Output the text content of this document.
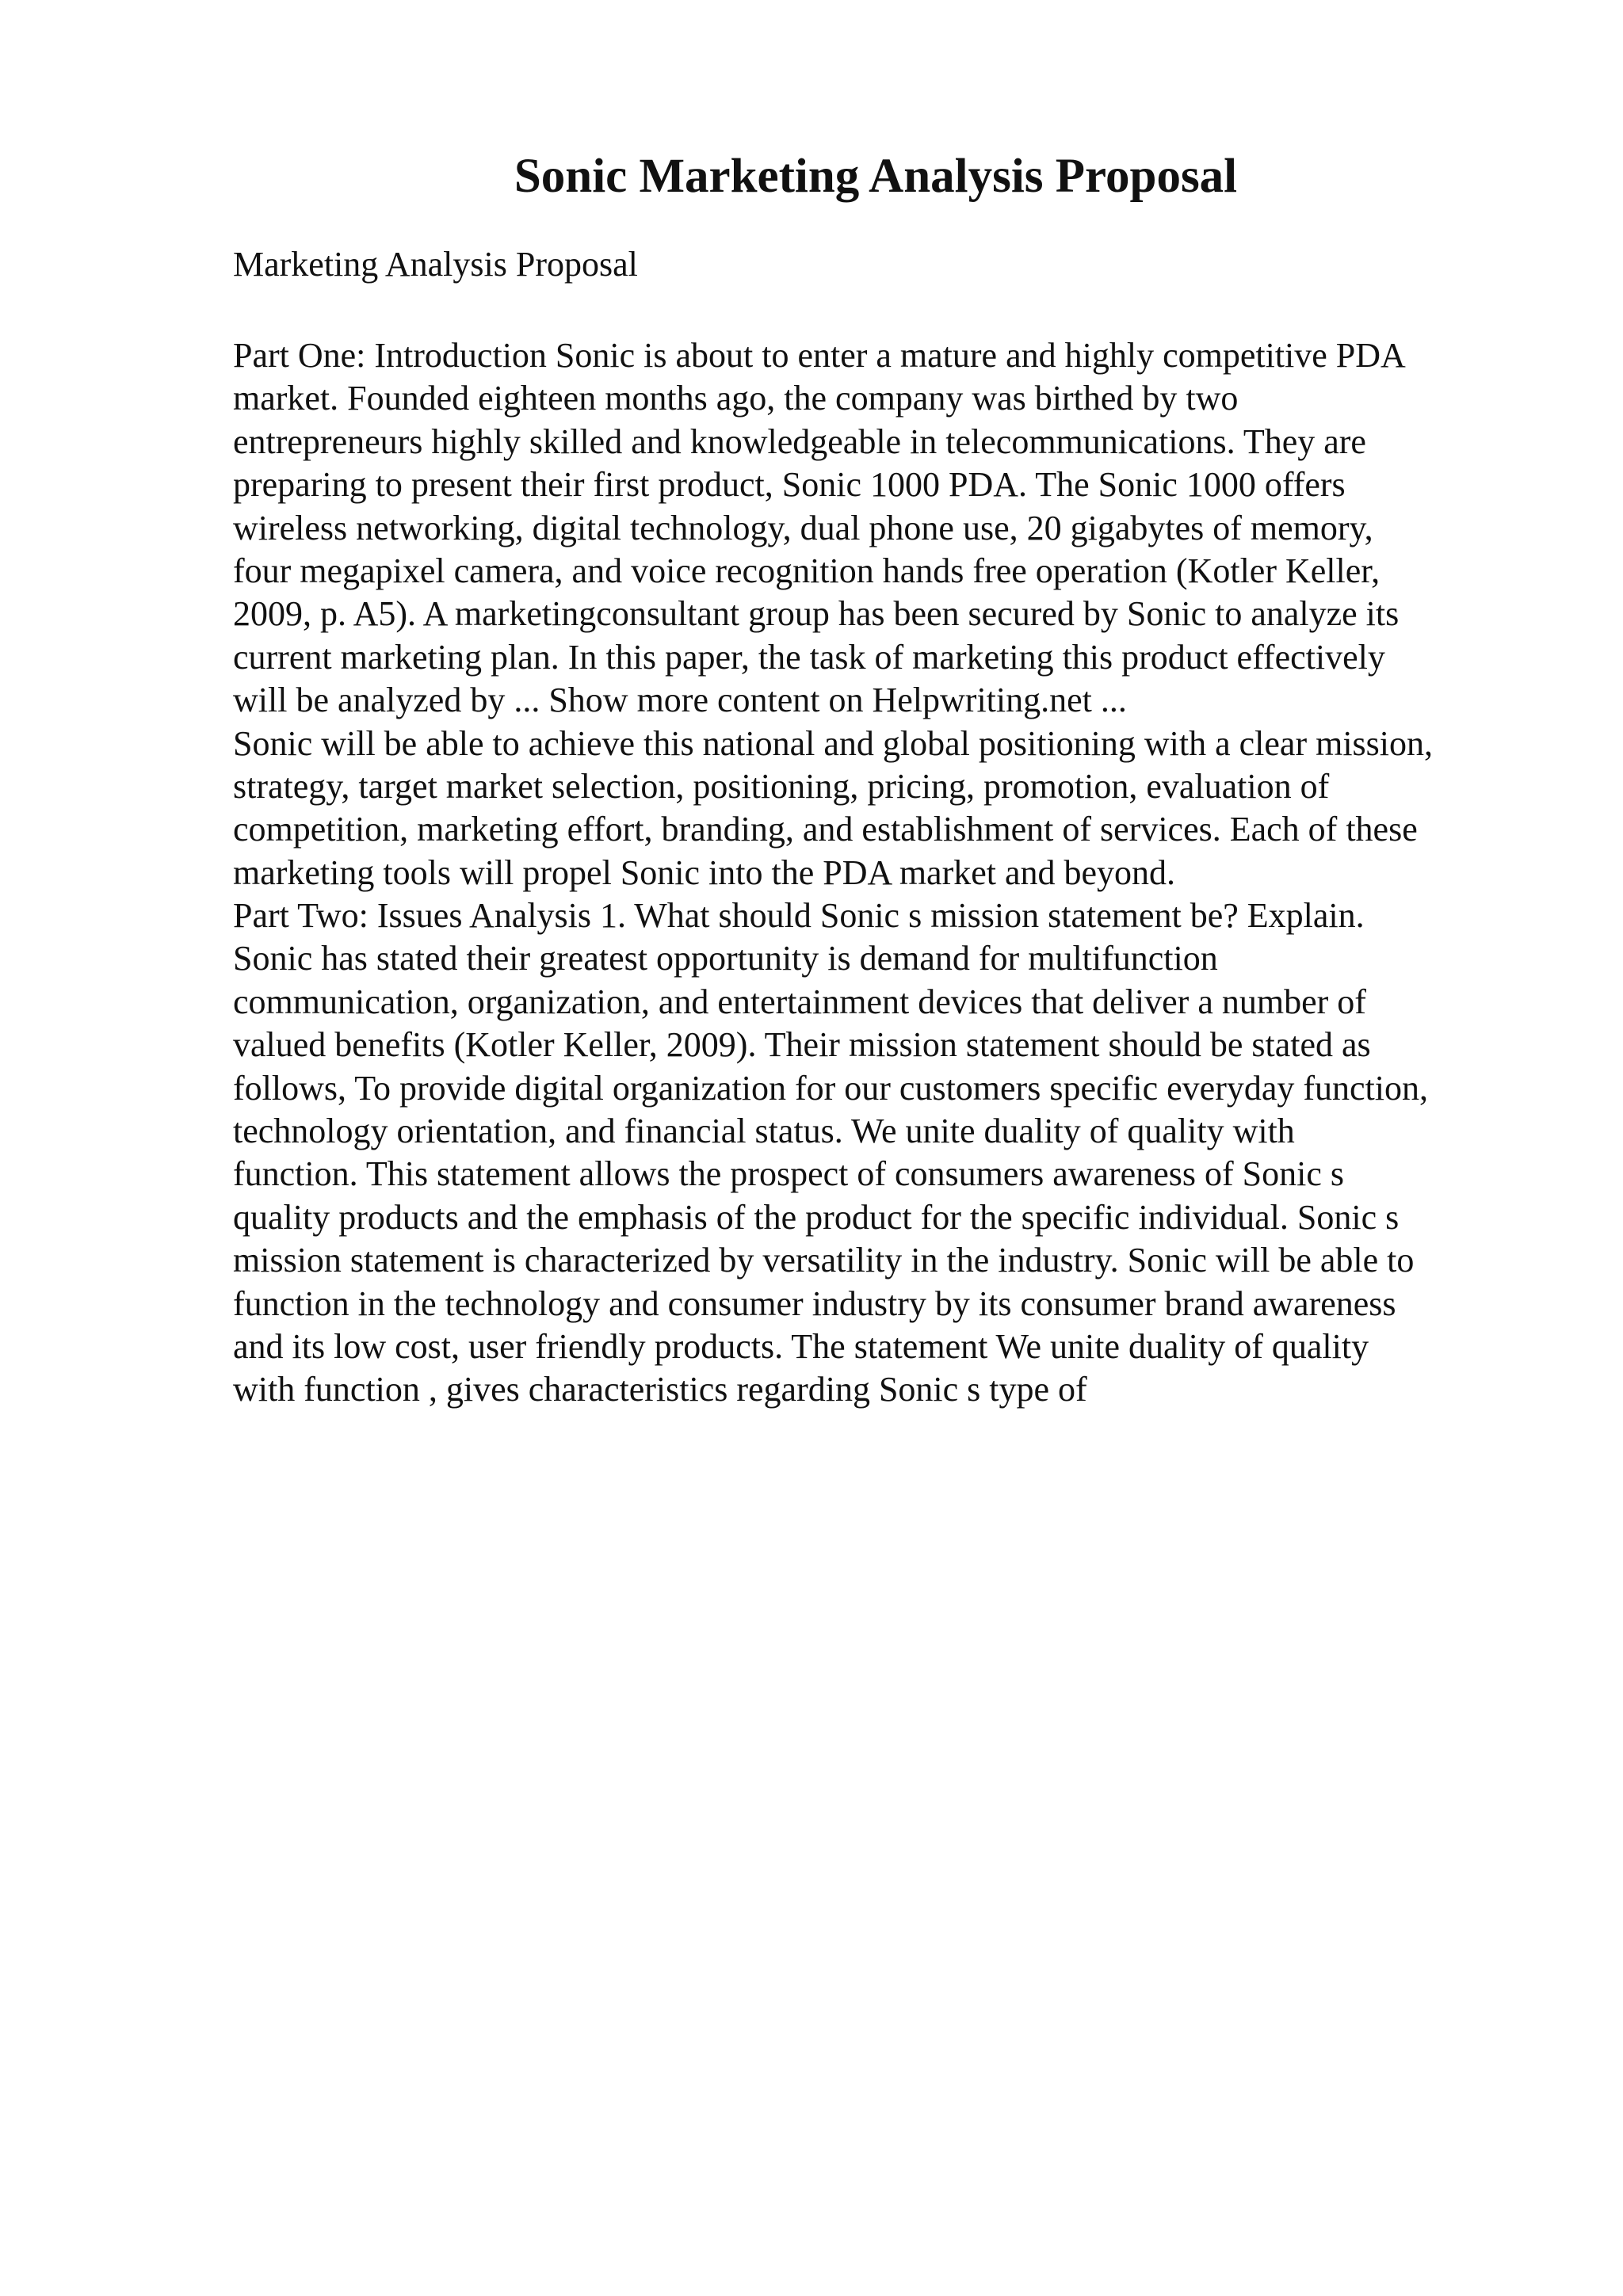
Sonic Marketing Analysis Proposal

Marketing Analysis Proposal

Part One: Introduction Sonic is about to enter a mature and highly competitive PDA
market. Founded eighteen months ago, the company was birthed by two
entrepreneurs highly skilled and knowledgeable in telecommunications. They are
preparing to present their first product, Sonic 1000 PDA. The Sonic 1000 offers
wireless networking, digital technology, dual phone use, 20 gigabytes of memory,
four megapixel camera, and voice recognition hands free operation (Kotler Keller,
2009, p. A5). A marketingconsultant group has been secured by Sonic to analyze its
current marketing plan. In this paper, the task of marketing this product effectively
will be analyzed by ... Show more content on Helpwriting.net ...
Sonic will be able to achieve this national and global positioning with a clear mission,
strategy, target market selection, positioning, pricing, promotion, evaluation of
competition, marketing effort, branding, and establishment of services. Each of these
marketing tools will propel Sonic into the PDA market and beyond.
Part Two: Issues Analysis 1. What should Sonic s mission statement be? Explain.
Sonic has stated their greatest opportunity is demand for multifunction
communication, organization, and entertainment devices that deliver a number of
valued benefits (Kotler Keller, 2009). Their mission statement should be stated as
follows, To provide digital organization for our customers specific everyday function,
technology orientation, and financial status. We unite duality of quality with
function. This statement allows the prospect of consumers awareness of Sonic s
quality products and the emphasis of the product for the specific individual. Sonic s
mission statement is characterized by versatility in the industry. Sonic will be able to
function in the technology and consumer industry by its consumer brand awareness
and its low cost, user friendly products. The statement We unite duality of quality
with function , gives characteristics regarding Sonic s type of
